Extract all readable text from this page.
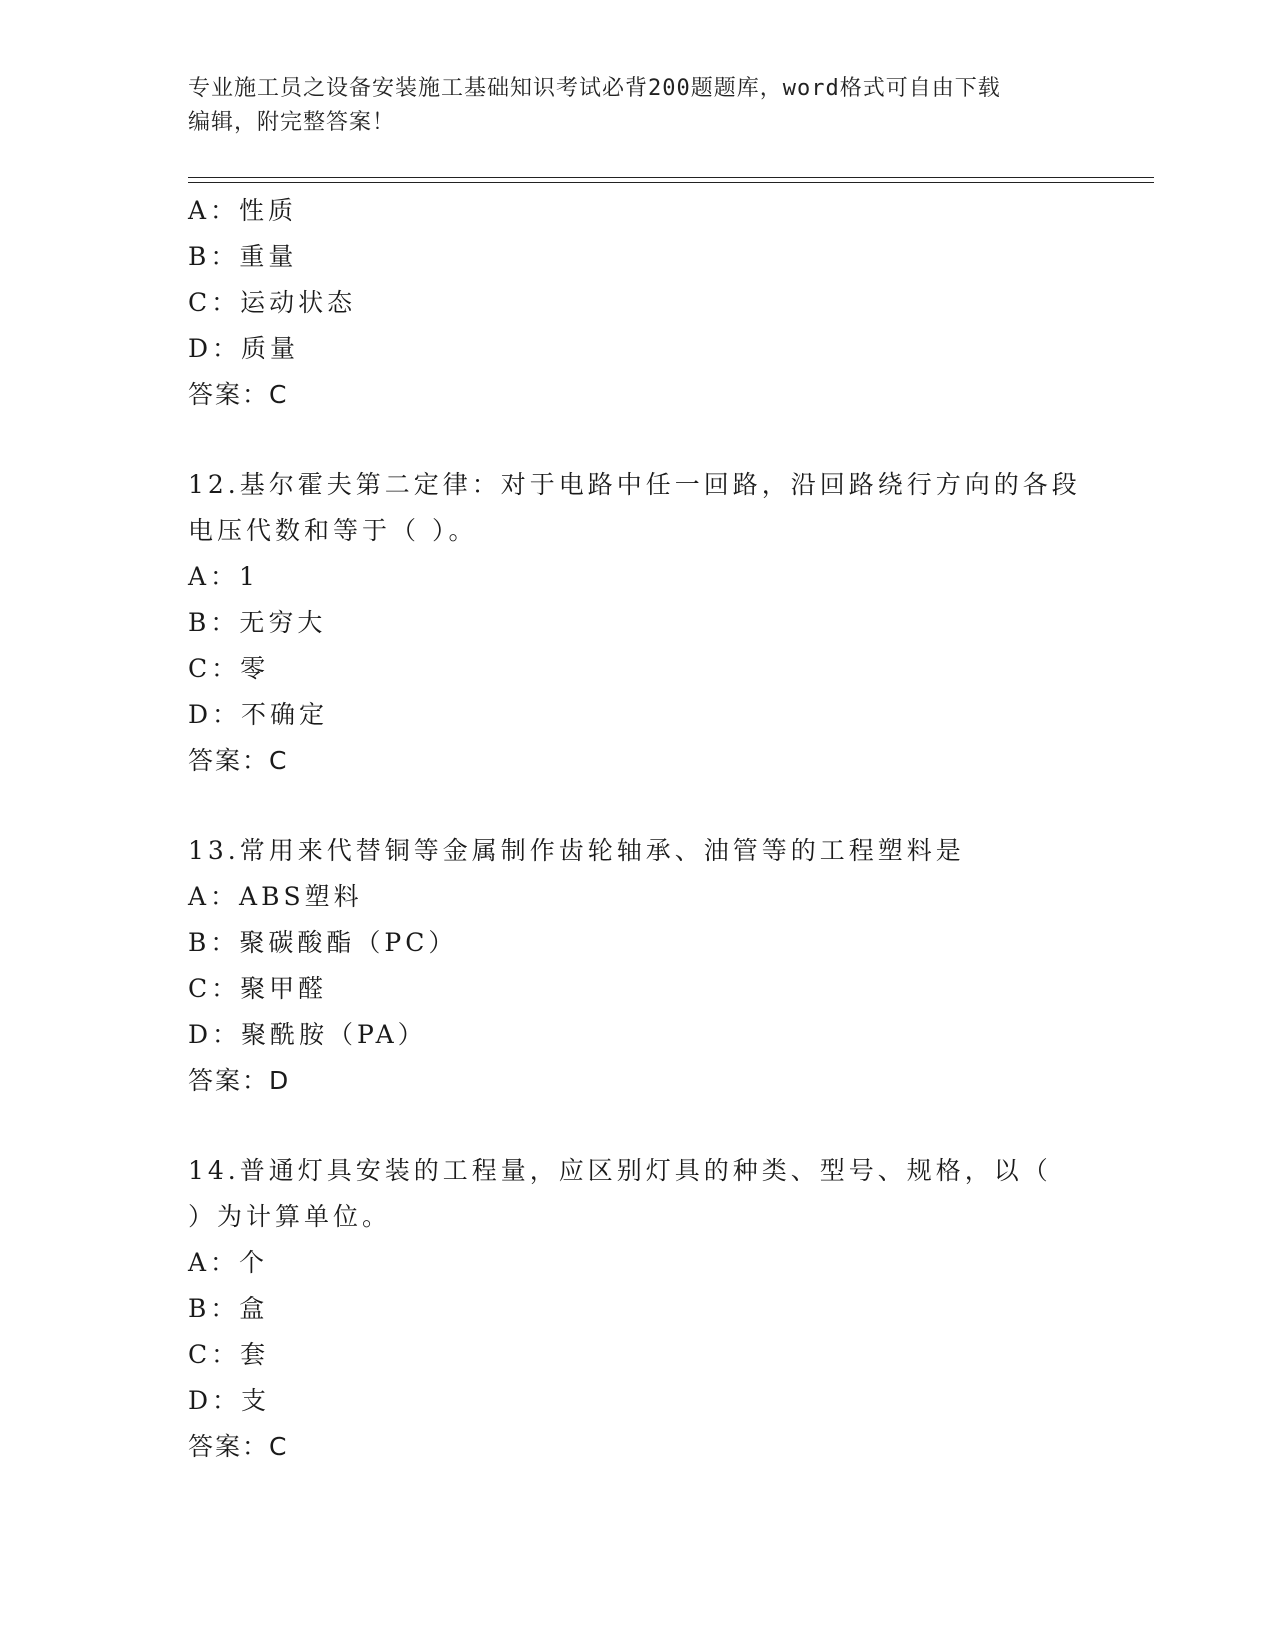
专业施工员之设备安装施工基础知识考试必背200题题库，word格式可自由下载
编辑，附完整答案！
A：性质
B：重量
C：运动状态
D：质量
答案：C
12.基尔霍夫第二定律：对于电路中任一回路，沿回路绕行方向的各段
电压代数和等于（ ）。
A：1
B：无穷大
C：零
D：不确定
答案：C
13.常用来代替铜等金属制作齿轮轴承、油管等的工程塑料是
A：ABS塑料
B：聚碳酸酯（PC）
C：聚甲醛
D：聚酰胺（PA）
答案：D
14.普通灯具安装的工程量，应区别灯具的种类、型号、规格，以（
）为计算单位。
A：个
B：盒
C：套
D：支
答案：C
